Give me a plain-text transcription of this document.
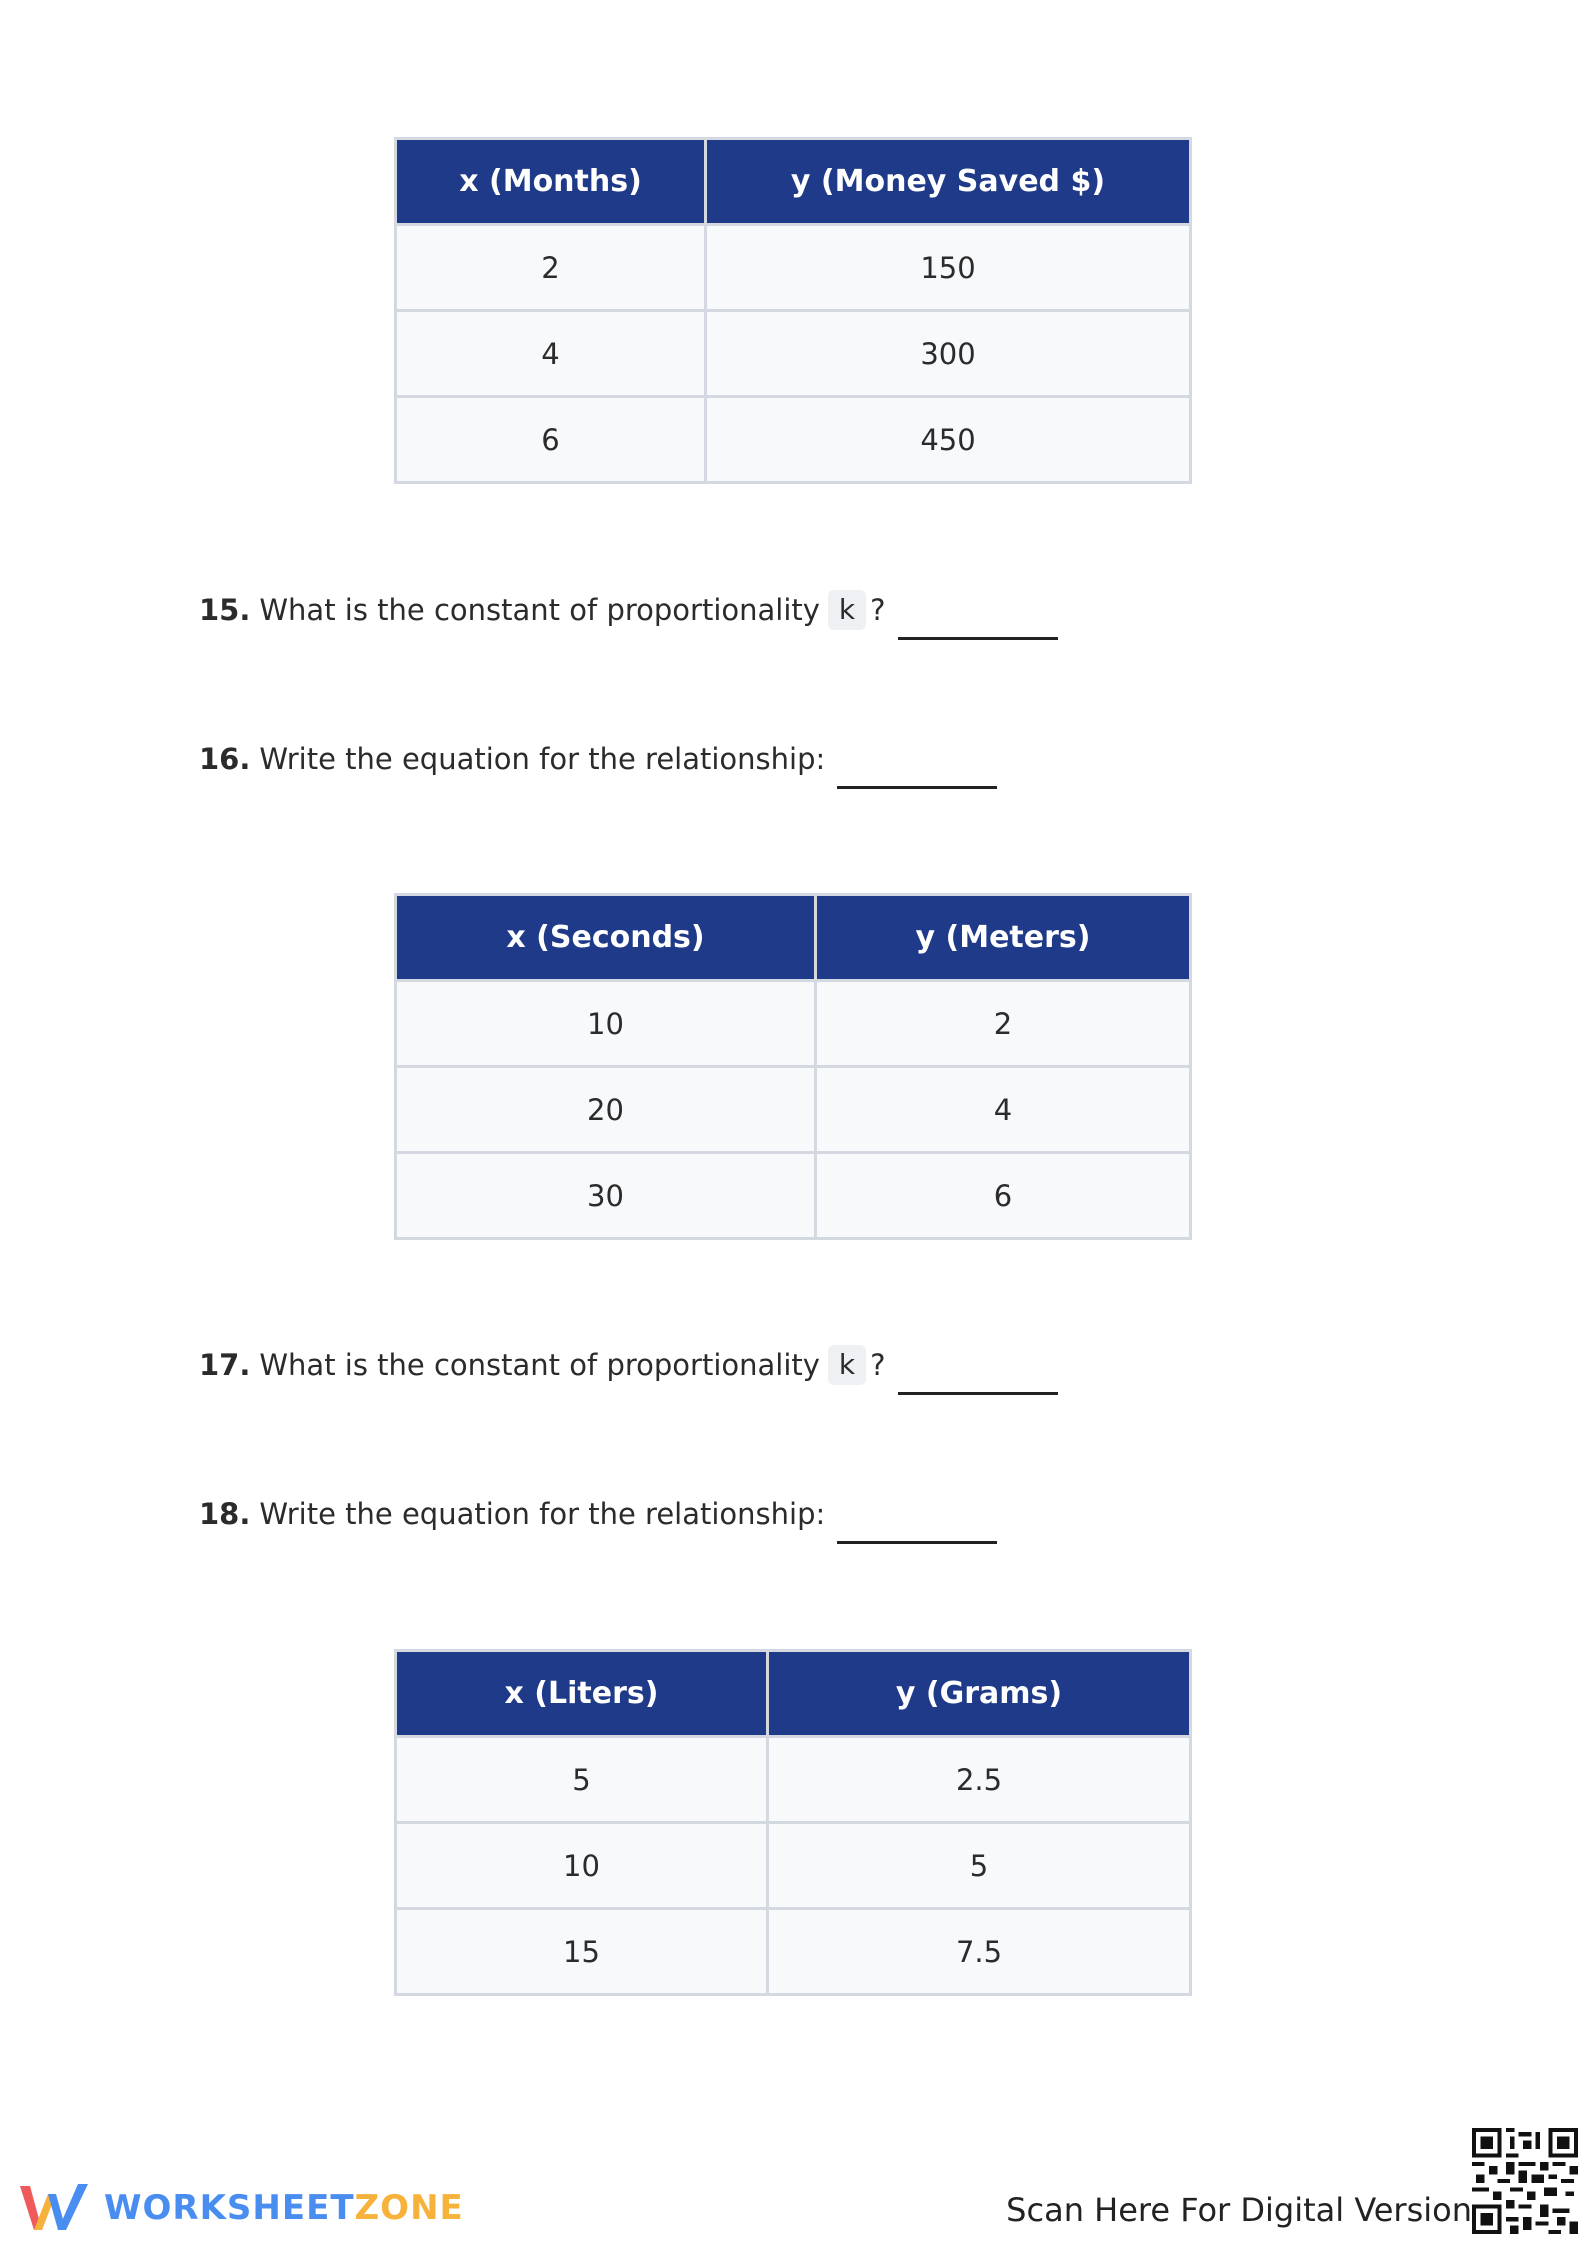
x (Months)	y (Money Saved $)
2	150
4	300
6	450
15. What is the constant of proportionality k ?
16. Write the equation for the relationship:
x (Seconds)	y (Meters)
10	2
20	4
30	6
17. What is the constant of proportionality k ?
18. Write the equation for the relationship:
x (Liters)	y (Grams)
5	2.5
10	5
15	7.5
WORKSHEETZONE	Scan Here For Digital Version
